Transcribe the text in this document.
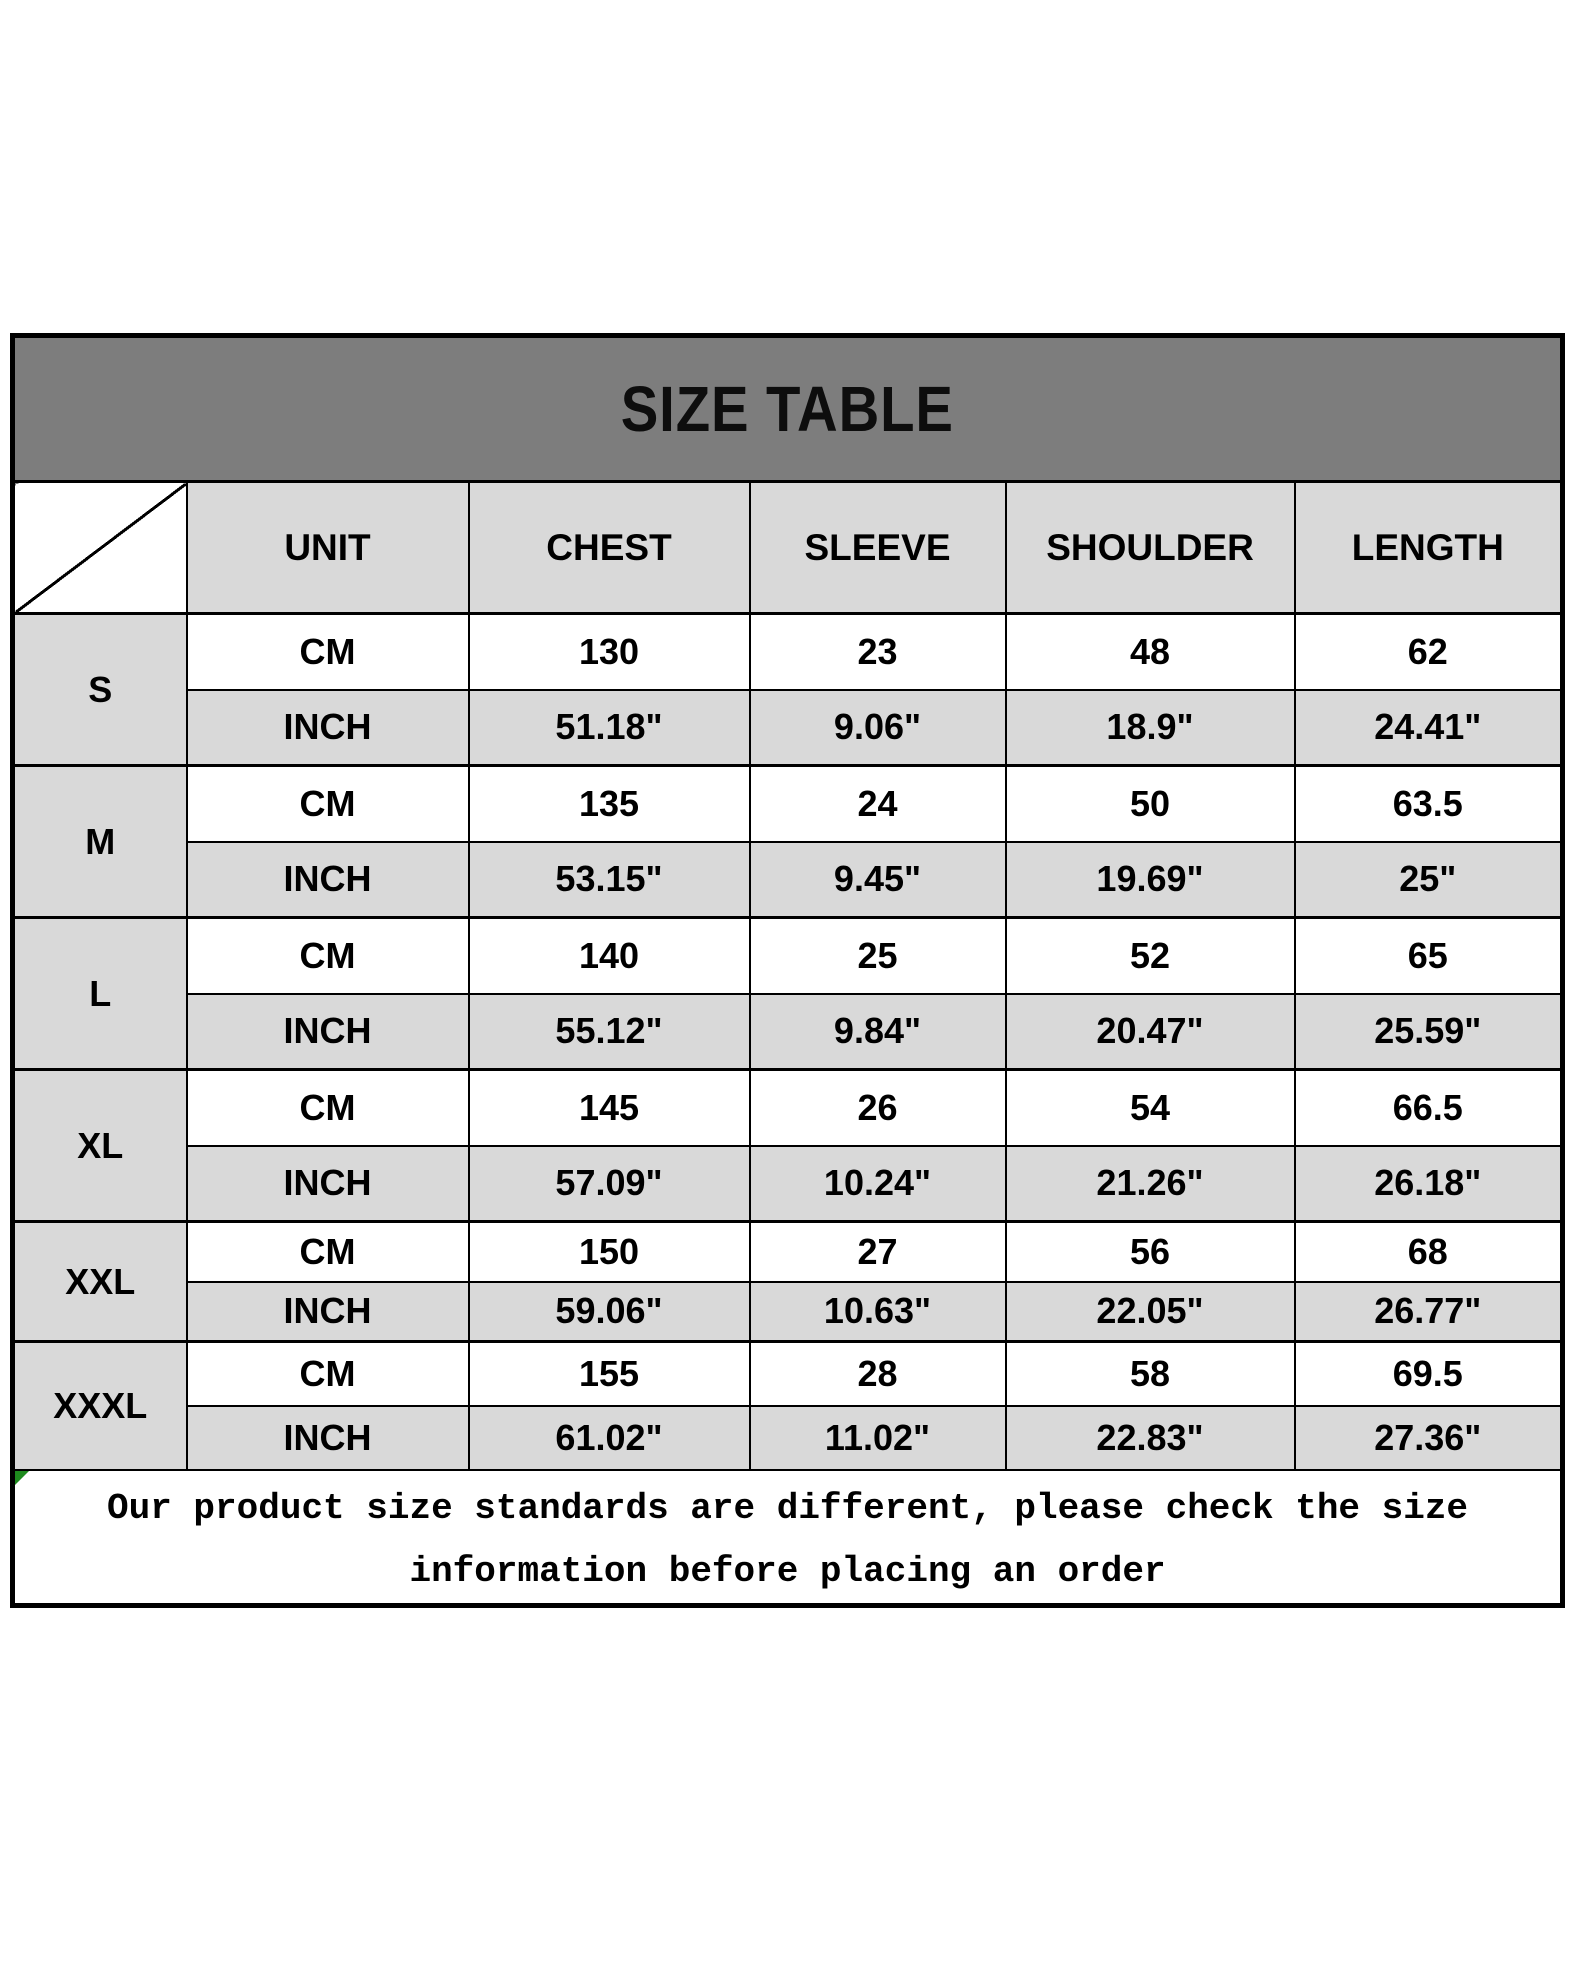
SIZE TABLE					
	UNIT	CHEST	SLEEVE	SHOULDER	LENGTH
S	CM	130	23	48	62
	INCH	51.18"	9.06"	18.9"	24.41"
M	CM	135	24	50	63.5
	INCH	53.15"	9.45"	19.69"	25"
L	CM	140	25	52	65
	INCH	55.12"	9.84"	20.47"	25.59"
XL	CM	145	26	54	66.5
	INCH	57.09"	10.24"	21.26"	26.18"
XXL	CM	150	27	56	68
	INCH	59.06"	10.63"	22.05"	26.77"
XXXL	CM	155	28	58	69.5
	INCH	61.02"	11.02"	22.83"	27.36"

Our product size standards are different, please check the size information before placing an order					
